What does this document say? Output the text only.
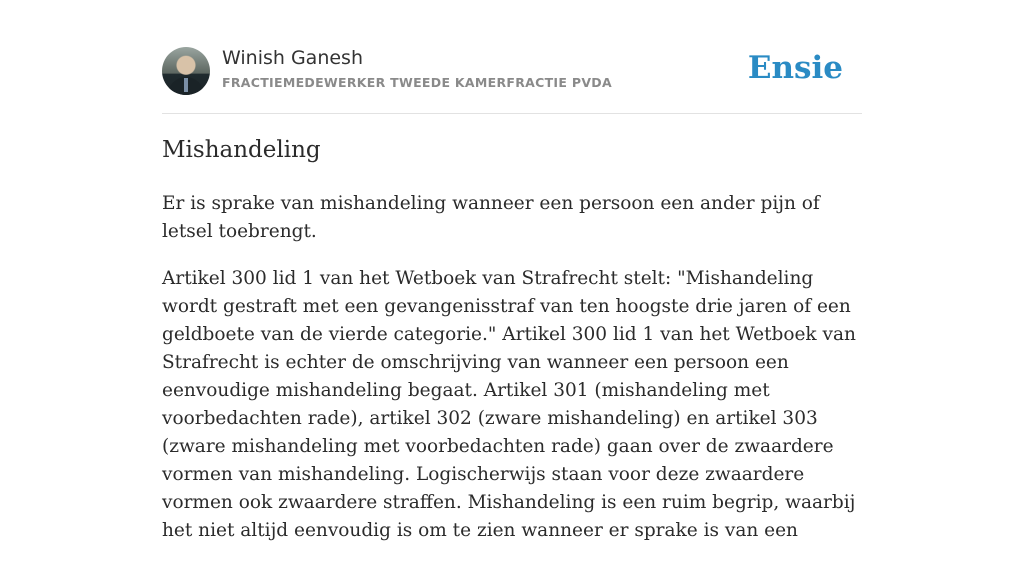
Winish Ganesh
FRACTIEMEDEWERKER TWEEDE KAMERFRACTIE PVDA	Ensie
Mishandeling

Er is sprake van mishandeling wanneer een persoon een ander pijn of letsel toebrengt.

Artikel 300 lid 1 van het Wetboek van Strafrecht stelt: "Mishandeling wordt gestraft met een gevangenisstraf van ten hoogste drie jaren of een geldboete van de vierde categorie." Artikel 300 lid 1 van het Wetboek van Strafrecht is echter de omschrijving van wanneer een persoon een eenvoudige mishandeling begaat. Artikel 301 (mishandeling met voorbedachten rade), artikel 302 (zware mishandeling) en artikel 303 (zware mishandeling met voorbedachten rade) gaan over de zwaardere vormen van mishandeling. Logischerwijs staan voor deze zwaardere vormen ook zwaardere straffen. Mishandeling is een ruim begrip, waarbij het niet altijd eenvoudig is om te zien wanneer er sprake is van een
